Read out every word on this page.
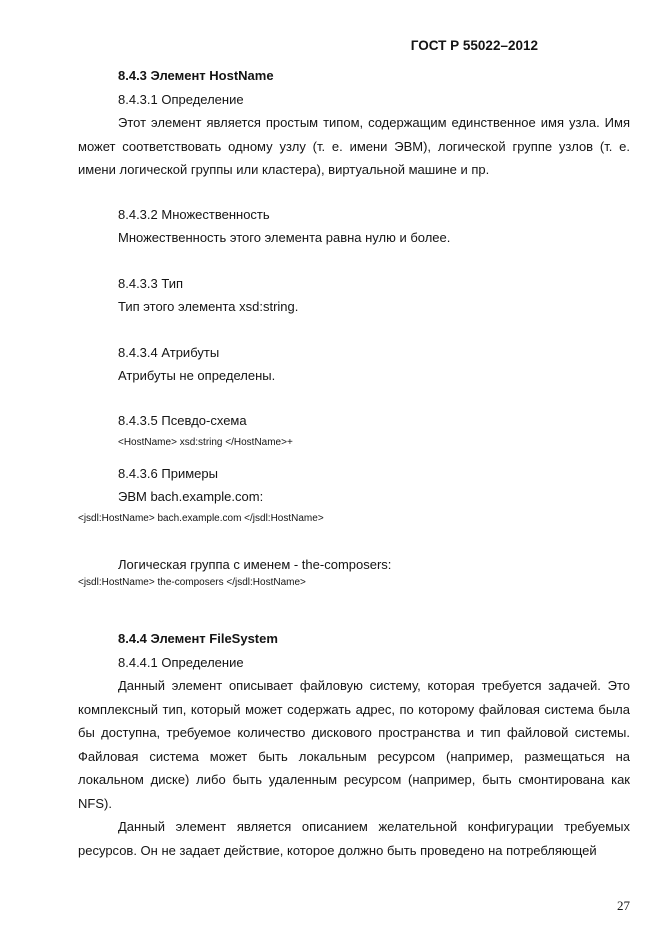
ГОСТ Р 55022–2012
8.4.3 Элемент HostName
8.4.3.1 Определение

Этот элемент является простым типом, содержащим единственное имя узла. Имя может соответствовать одному узлу (т. е. имени ЭВМ), логической группе узлов (т. е. имени логической группы или кластера), виртуальной машине и пр.

8.4.3.2 Множественность
Множественность этого элемента равна нулю и более.
8.4.3.3 Тип
Тип этого элемента xsd:string.
8.4.3.4 Атрибуты
Атрибуты не определены.
8.4.3.5 Псевдо-схема
<HostName> xsd:string </HostName>+
8.4.3.6 Примеры
ЭВМ bach.example.com:
<jsdl:HostName> bach.example.com </jsdl:HostName>
Логическая группа с именем - the-composers:
<jsdl:HostName> the-composers </jsdl:HostName>
8.4.4 Элемент FileSystem
8.4.4.1 Определение

Данный элемент описывает файловую систему, которая требуется задачей. Это комплексный тип, который может содержать адрес, по которому файловая система была бы доступна, требуемое количество дискового пространства и тип файловой системы. Файловая система может быть локальным ресурсом (например, размещаться на локальном диске) либо быть удаленным ресурсом (например, быть смонтирована как NFS).

Данный элемент является описанием желательной конфигурации требуемых ресурсов. Он не задает действие, которое должно быть проведено на потребляющей

27
